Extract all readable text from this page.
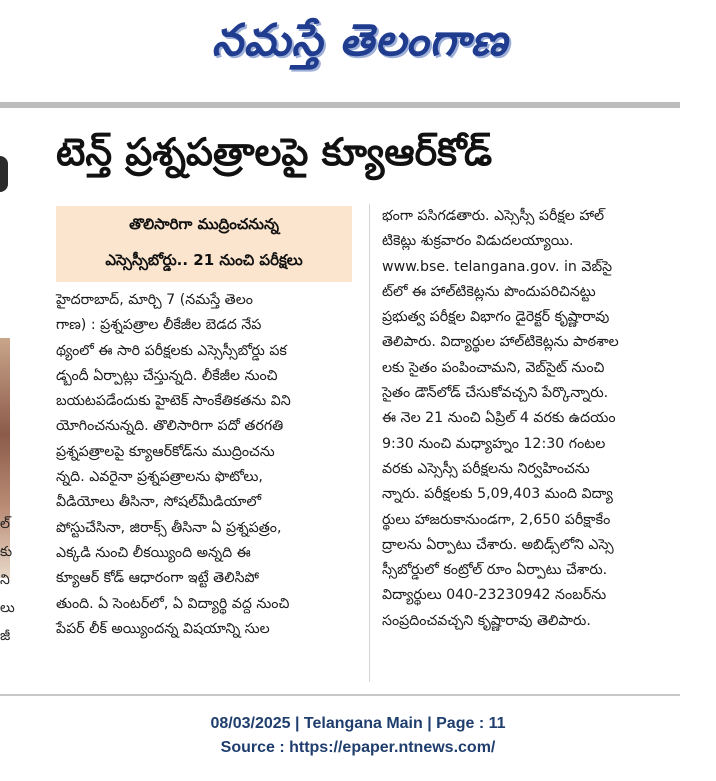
నమస్తే తెలంగాణ
ల్
కు
ని
లు
జీ
టెన్త్ ప్రశ్నపత్రాలపై క్యూఆర్‌కోడ్
తొలిసారిగా ముద్రించనున్న
ఎస్సెస్సీబోర్డు.. 21 నుంచి పరీక్షలు

హైదరాబాద్, మార్చి 7 (నమస్తే తెలం

గాణ) : ప్రశ్నపత్రాల లీకేజీల బెడద నేప

థ్యంలో ఈ సారి పరీక్షలకు ఎస్సెస్సీబోర్డు పక

డ్బందీ ఏర్పాట్లు చేస్తున్నది. లీకేజీల నుంచి

బయటపడేందుకు హైటెక్ సాంకేతికతను విని

యోగించనున్నది. తొలిసారిగా పదో తరగతి

ప్రశ్నపత్రాలపై క్యూఆర్‌కోడ్‌ను ముద్రించను

న్నది. ఎవరైనా ప్రశ్నపత్రాలను ఫొటోలు,

వీడియోలు తీసినా, సోషల్‌మీడియాలో

పోస్టుచేసినా, జిరాక్స్ తీసినా ఏ ప్రశ్నపత్రం,

ఎక్కడి నుంచి లీకయ్యింది అన్నది ఈ

క్యూఆర్ కోడ్ ఆధారంగా ఇట్టే తెలిసిపో

తుంది. ఏ సెంటర్‌లో, ఏ విద్యార్థి వద్ద నుంచి

పేపర్ లీక్ అయ్యిందన్న విషయాన్ని సుల

భంగా పసిగడతారు. ఎస్సెస్సీ పరీక్షల హాల్

టికెట్లు శుక్రవారం విడుదలయ్యాయి.

www.bse. telangana.gov. in వెబ్‌సై

ట్‌లో ఈ హాల్‌టికెట్లను పొందుపరిచినట్టు

ప్రభుత్వ పరీక్షల విభాగం డైరెక్టర్ కృష్ణారావు

తెలిపారు. విద్యార్థుల హాల్‌టికెట్లను పాఠశాల

లకు సైతం పంపించామని, వెబ్‌సైట్ నుంచి

సైతం డౌన్‌లోడ్ చేసుకోవచ్చని పేర్కొన్నారు.

ఈ నెల 21 నుంచి ఏప్రిల్ 4 వరకు ఉదయం

9:30 నుంచి మధ్యాహ్నం 12:30 గంటల

వరకు ఎస్సెస్సీ పరీక్షలను నిర్వహించను

న్నారు. పరీక్షలకు 5,09,403 మంది విద్యా

ర్థులు హాజరుకానుండగా, 2,650 పరీక్షాకేం

ద్రాలను ఏర్పాటు చేశారు. అబిడ్స్‌లోని ఎస్సె

స్సీబోర్డులో కంట్రోల్ రూం ఏర్పాటు చేశారు.

విద్యార్థులు 040-23230942 నంబర్‌ను

సంప్రదించవచ్చని కృష్ణారావు తెలిపారు.

08/03/2025 | Telangana Main | Page : 11
Source : https://epaper.ntnews.com/
